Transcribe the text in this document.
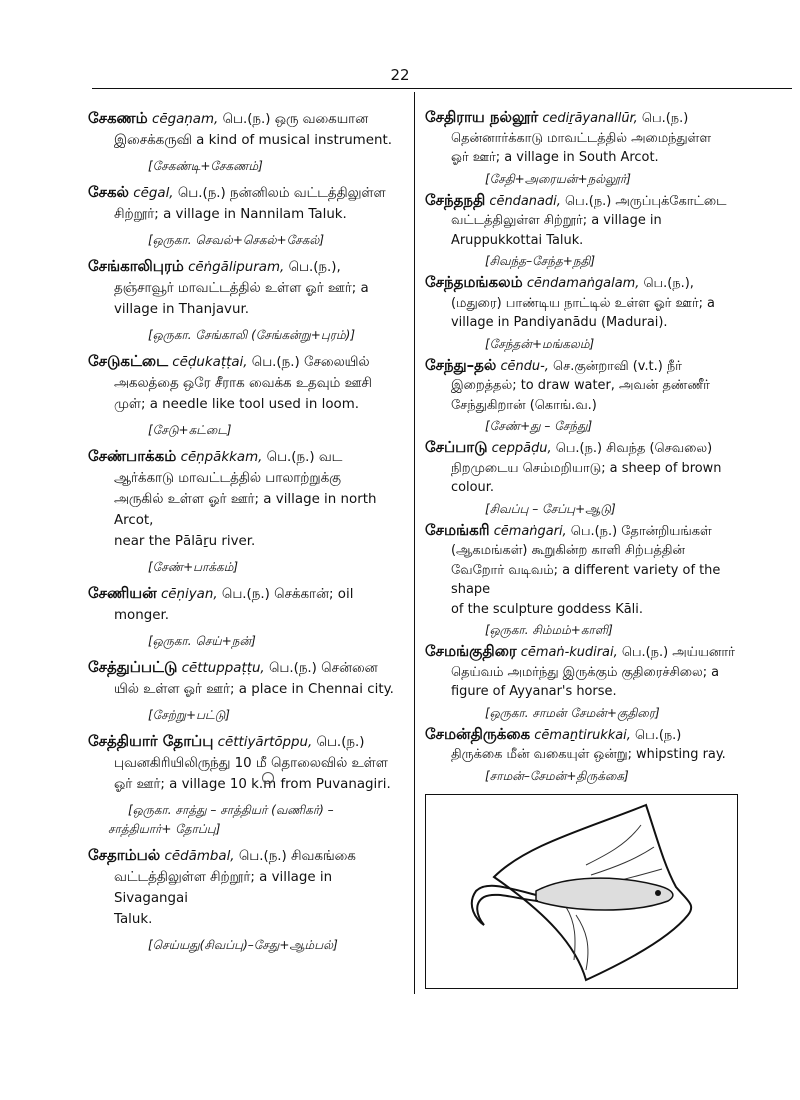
22
சேகணம் cēgaṇam, பெ.(ந.) ஒரு வகையான
இசைக்கருவி a kind of musical instrument.
[சேகண்டி+சேகணம்]
சேகல் cēgal, பெ.(ந.) நன்னிலம் வட்டத்திலுள்ள
சிற்றூர்; a village in Nannilam Taluk.
[ஒருகா. செவல்+செகல்+சேகல்]
சேங்காலிபுரம் cēṅgālipuram, பெ.(ந.),
தஞ்சாவூர் மாவட்டத்தில் உள்ள ஓர் ஊர்; a
village in Thanjavur.
[ஒருகா. சேங்காலி (சேங்கன்று+புரம்)]
சேடுகட்டை cēḍukaṭṭai, பெ.(ந.) சேலையில்
அகலத்தை ஒரே சீராக வைக்க உதவும் ஊசி
முள்; a needle like tool used in loom.
[சேடு+கட்டை]
சேண்பாக்கம் cēṇpākkam, பெ.(ந.) வட
ஆர்க்காடு மாவட்டத்தில் பாலாற்றுக்கு
அருகில் உள்ள ஓர் ஊர்; a village in north Arcot,
near the Pālāṟu river.
[சேண்+பாக்கம்]
சேணியன் cēṇiyan, பெ.(ந.) செக்கான்; oil
monger.
[ஒருகா. செய்+நன்]
சேத்துப்பட்டு cēttuppaṭṭu, பெ.(ந.) சென்னை
யில் உள்ள ஓர் ஊர்; a place in Chennai city.
[சேற்று+பட்டு]
சேத்தியார் தோப்பு cēttiyārtōppu, பெ.(ந.)
புவனகிரியிலிருந்து 10 மீ தொலைவில் உள்ள
ஓர் ஊர்; a village 10 k.m from Puvanagiri.
[ஒருகா. சாத்து – சாத்தியர் (வணிகர்) –
சாத்தியார்+ தோப்பு]
சேதாம்பல் cēdāmbal, பெ.(ந.) சிவகங்கை
வட்டத்திலுள்ள சிற்றூர்; a village in Sivagangai
Taluk.
[செய்யது(சிவப்பு)–சேது+ஆம்பல்]
சேதிராய நல்லூர் cediṟāyanallūr, பெ.(ந.)
தென்னார்க்காடு மாவட்டத்தில் அமைந்துள்ள
ஓர் ஊர்; a village in South Arcot.
[சேதி+அரையன்+நல்லூர்]
சேந்தநதி cēndanadi, பெ.(ந.) அருப்புக்கோட்டை
வட்டத்திலுள்ள சிற்றூர்; a village in
Aruppukkottai Taluk.
[சிவந்த–சேந்த+நதி]
சேந்தமங்கலம் cēndamaṅgalam, பெ.(ந.),
(மதுரை) பாண்டிய நாட்டில் உள்ள ஓர் ஊர்; a
village in Pandiyanādu (Madurai).
[சேந்தன்+மங்கலம்]
சேந்து–தல் cēndu-, செ.குன்றாவி (v.t.) நீர்
இறைத்தல்; to draw water, அவன் தண்ணீர்
சேந்துகிறான் (கொங்.வ.)
[சேண்+து – சேந்து]
சேப்பாடு ceppāḍu, பெ.(ந.) சிவந்த (செவலை)
நிறமுடைய செம்மறியாடு; a sheep of brown
colour.
[சிவப்பு – சேப்பு+ஆடு]
சேமங்கரி cēmaṅgari, பெ.(ந.) தோன்றியங்கள்
(ஆகமங்கள்) கூறுகின்ற காளி சிற்பத்தின்
வேறோர் வடிவம்; a different variety of the shape
of the sculpture goddess Kāli.
[ஒருகா. சிம்மம்+காளி]
சேமங்குதிரை cēmaṅ-kudirai, பெ.(ந.) அய்யனார்
தெய்வம் அமர்ந்து இருக்கும் குதிரைச்சிலை; a
figure of Ayyanar's horse.
[ஒருகா. சாமன் சேமன்+குதிரை]
சேமன்திருக்கை cēmaṉtirukkai, பெ.(ந.)
திருக்கை மீன் வகையுள் ஒன்று; whipsting ray.
[சாமன்–சேமன்+திருக்கை]
